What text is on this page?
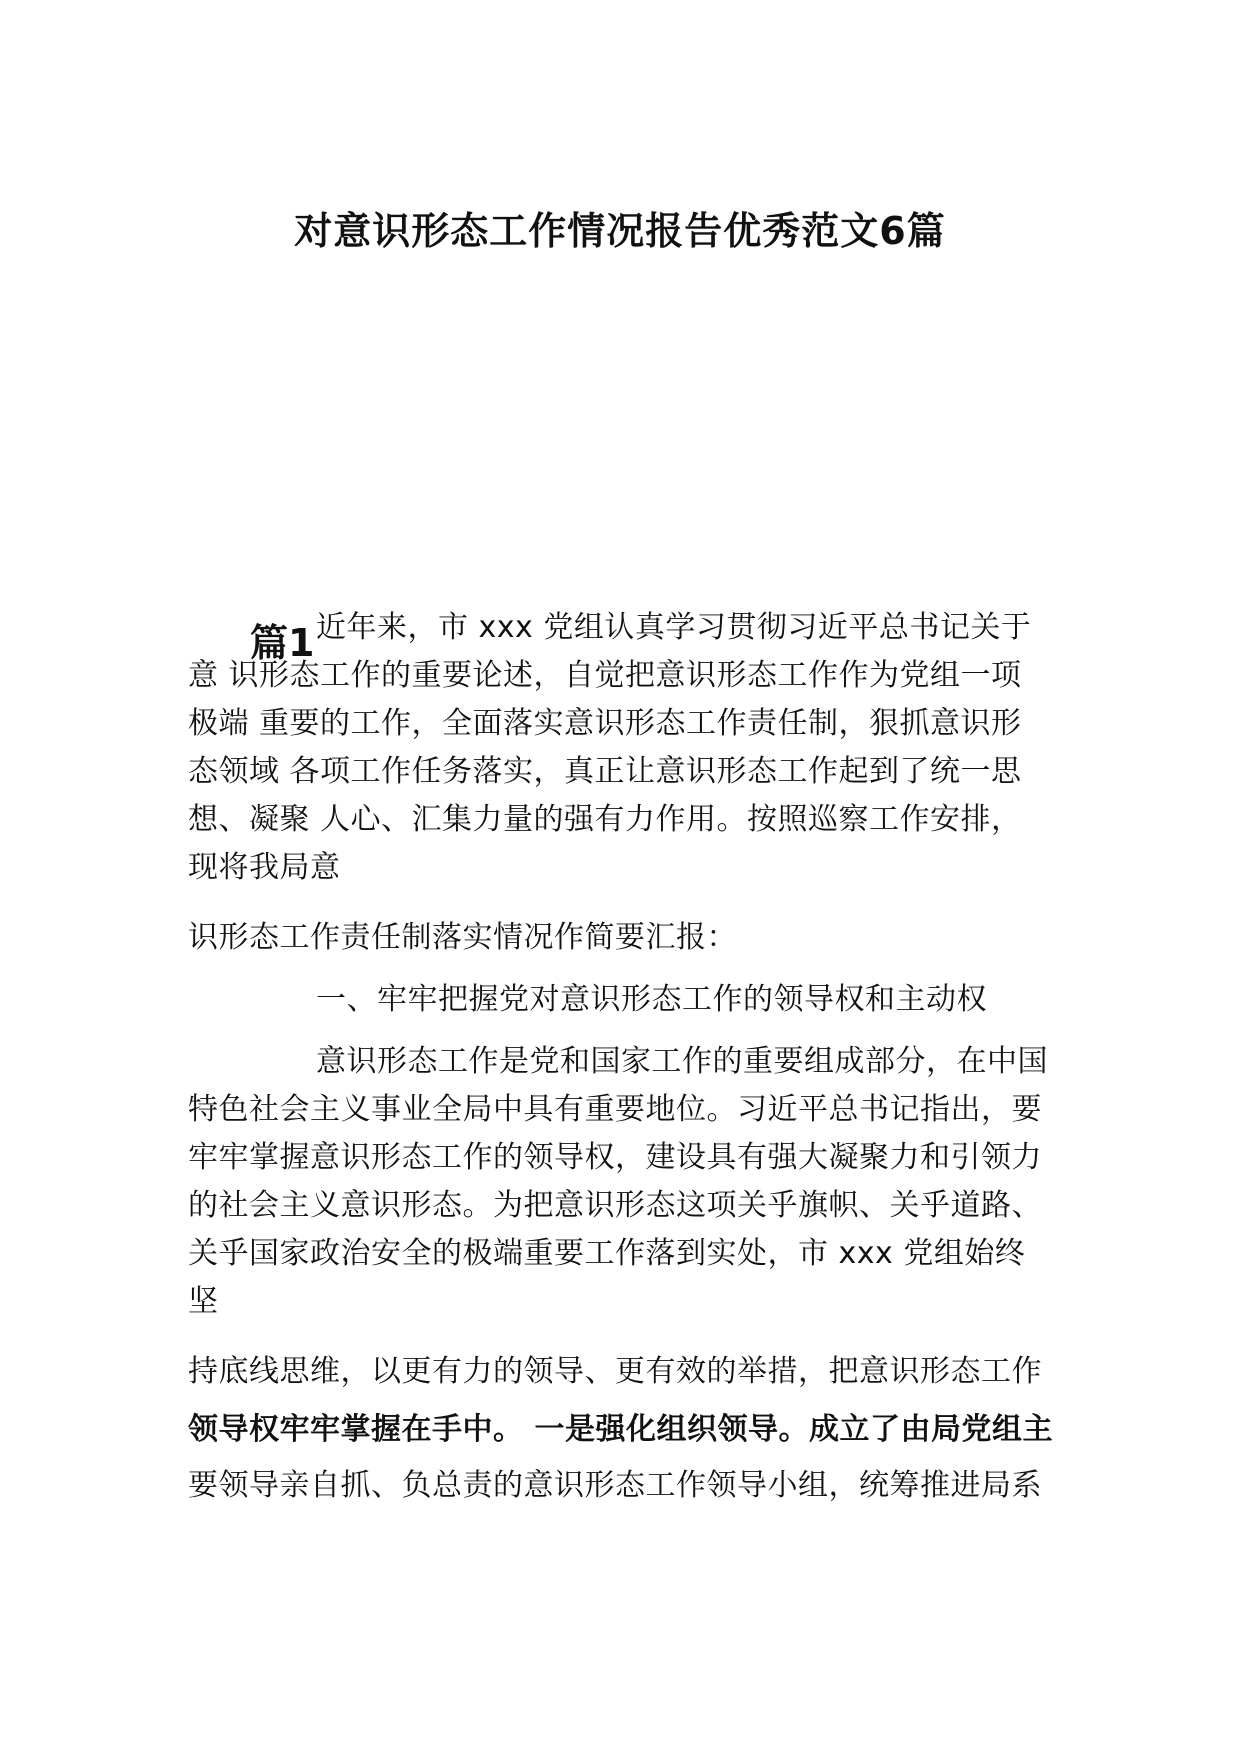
对意识形态工作情况报告优秀范文6篇
篇1 近年来，市 xxx 党组认真学习贯彻习近平总书记关于
意 识形态工作的重要论述，自觉把意识形态工作作为党组一项
极端 重要的工作，全面落实意识形态工作责任制，狠抓意识形
态领域 各项工作任务落实，真正让意识形态工作起到了统一思
想、凝聚 人心、汇集力量的强有力作用。按照巡察工作安排，
现将我局意
识形态工作责任制落实情况作简要汇报：
一、牢牢把握党对意识形态工作的领导权和主动权
意识形态工作是党和国家工作的重要组成部分，在中国
特色社会主义事业全局中具有重要地位。习近平总书记指出，要
牢牢掌握意识形态工作的领导权，建设具有强大凝聚力和引领力
的社会主义意识形态。为把意识形态这项关乎旗帜、关乎道路、
关乎国家政治安全的极端重要工作落到实处，市 xxx 党组始终
坚
持底线思维，以更有力的领导、更有效的举措，把意识形态工作
领导权牢牢掌握在手中。 一是强化组织领导。成立了由局党组主
要领导亲自抓、负总责的意识形态工作领导小组，统筹推进局系
